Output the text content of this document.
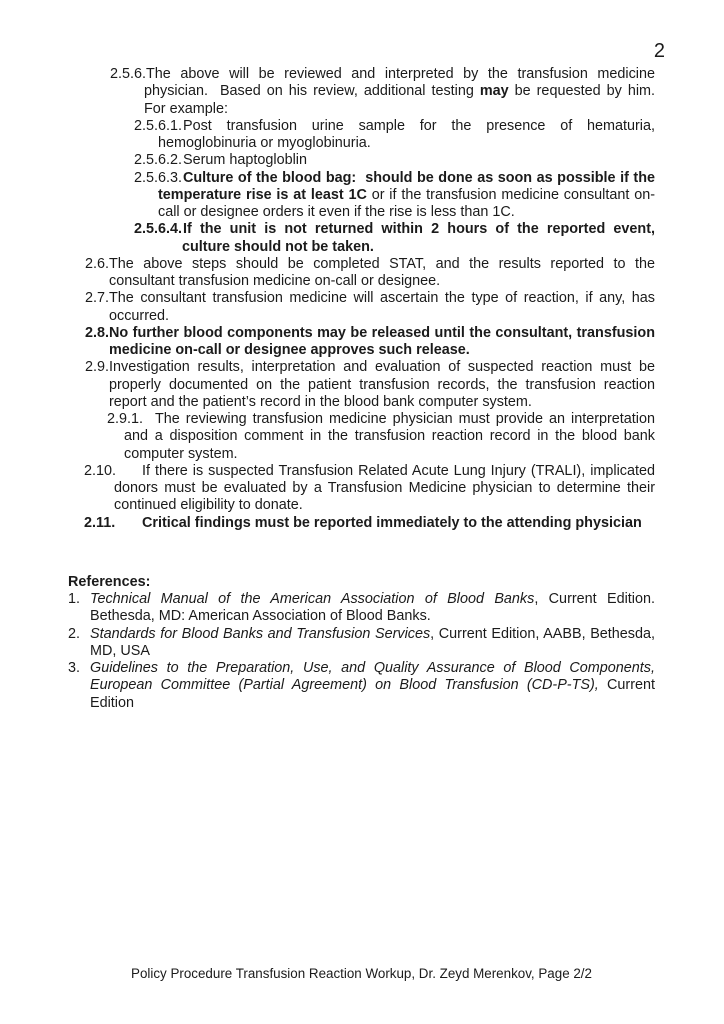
2
2.5.6.The above will be reviewed and interpreted by the transfusion medicine physician.  Based on his review, additional testing may be requested by him. For example:
2.5.6.1.Post transfusion urine sample for the presence of hematuria, hemoglobinuria or myoglobinuria.
2.5.6.2.Serum haptogloblin
2.5.6.3.Culture of the blood bag:  should be done as soon as possible if the temperature rise is at least 1C or if the transfusion medicine consultant on-call or designee orders it even if the rise is less than 1C.
2.5.6.4.If the unit is not returned within 2 hours of the reported event, culture should not be taken.
2.6.The above steps should be completed STAT, and the results reported to the consultant transfusion medicine on-call or designee.
2.7.The consultant transfusion medicine will ascertain the type of reaction, if any, has occurred.
2.8.No further blood components may be released until the consultant, transfusion medicine on-call or designee approves such release.
2.9.Investigation results, interpretation and evaluation of suspected reaction must be properly documented on the patient transfusion records, the transfusion reaction report and the patient’s record in the blood bank computer system.
2.9.1. The reviewing transfusion medicine physician must provide an interpretation and a disposition comment in the transfusion reaction record in the blood bank computer system.
2.10. If there is suspected Transfusion Related Acute Lung Injury (TRALI), implicated donors must be evaluated by a Transfusion Medicine physician to determine their continued eligibility to donate.
2.11. Critical findings must be reported immediately to the attending physician
References:
1. Technical Manual of the American Association of Blood Banks, Current Edition. Bethesda, MD: American Association of Blood Banks.
2. Standards for Blood Banks and Transfusion Services, Current Edition, AABB, Bethesda, MD, USA
3. Guidelines to the Preparation, Use, and Quality Assurance of Blood Components, European Committee (Partial Agreement) on Blood Transfusion (CD-P-TS), Current Edition
Policy Procedure Transfusion Reaction Workup, Dr. Zeyd Merenkov, Page 2/2
